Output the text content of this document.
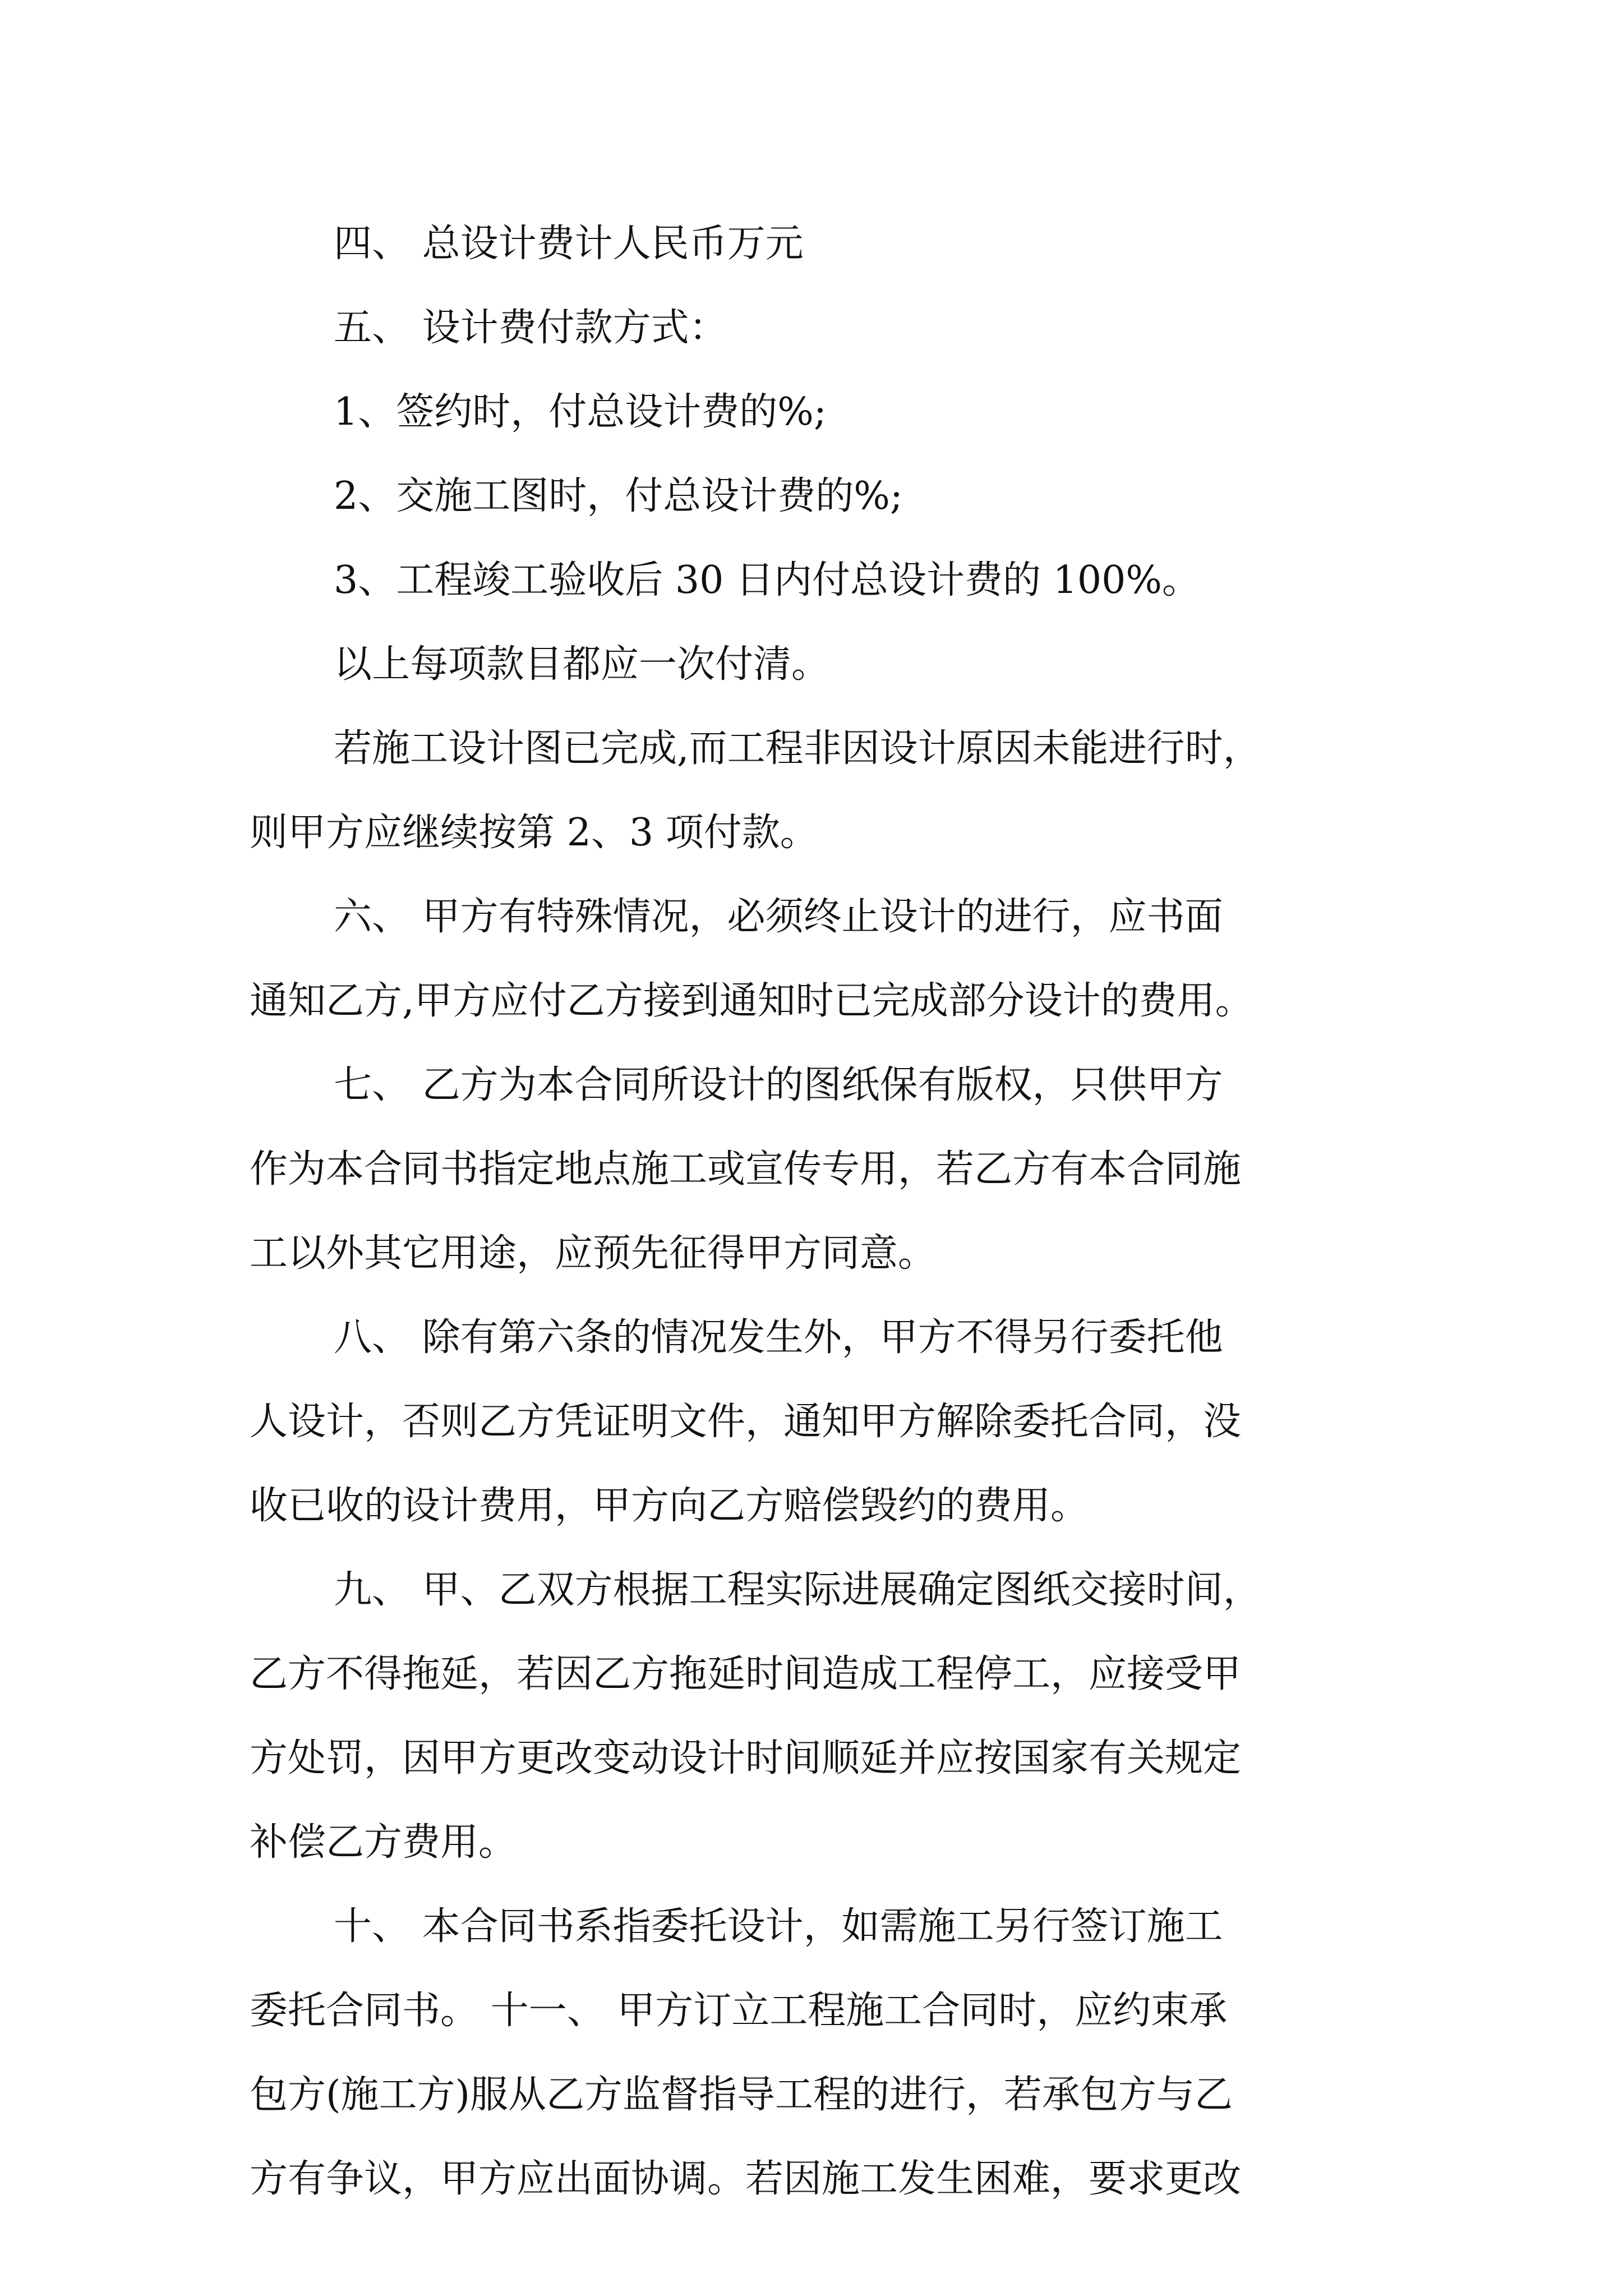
四、 总设计费计人民币万元
五、 设计费付款方式：
1、签约时，付总设计费的%;
2、交施工图时，付总设计费的%;
3、工程竣工验收后 30 日内付总设计费的 100%。
以上每项款目都应一次付清。
若施工设计图已完成,而工程非因设计原因未能进行时，
则甲方应继续按第 2、3 项付款。
六、 甲方有特殊情况，必须终止设计的进行，应书面
通知乙方,甲方应付乙方接到通知时已完成部分设计的费用。
七、 乙方为本合同所设计的图纸保有版权，只供甲方
作为本合同书指定地点施工或宣传专用，若乙方有本合同施
工以外其它用途，应预先征得甲方同意。
八、 除有第六条的情况发生外，甲方不得另行委托他
人设计，否则乙方凭证明文件，通知甲方解除委托合同，没
收已收的设计费用，甲方向乙方赔偿毁约的费用。
九、 甲、乙双方根据工程实际进展确定图纸交接时间，
乙方不得拖延，若因乙方拖延时间造成工程停工，应接受甲
方处罚，因甲方更改变动设计时间顺延并应按国家有关规定
补偿乙方费用。
十、 本合同书系指委托设计，如需施工另行签订施工
委托合同书。 十一、 甲方订立工程施工合同时，应约束承
包方(施工方)服从乙方监督指导工程的进行，若承包方与乙
方有争议，甲方应出面协调。若因施工发生困难，要求更改
